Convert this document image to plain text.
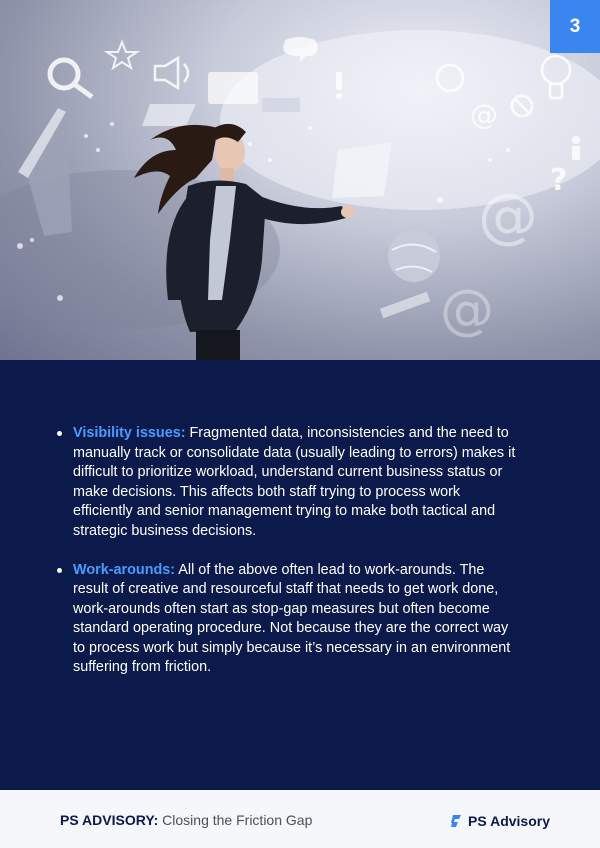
@
?
@
@
3
Visibility issues: Fragmented data, inconsistencies and the need to manually track or consolidate data (usually leading to errors) makes it difficult to prioritize workload, understand current business status or make decisions. This affects both staff trying to process work efficiently and senior management trying to make both tactical and strategic business decisions.
Work-arounds: All of the above often lead to work-arounds. The result of creative and resourceful staff that needs to get work done, work-arounds often start as stop-gap measures but often become standard operating procedure. Not because they are the correct way to process work but simply because it’s necessary in an environment suffering from friction.
PS ADVISORY: Closing the Friction Gap	PS Advisory
